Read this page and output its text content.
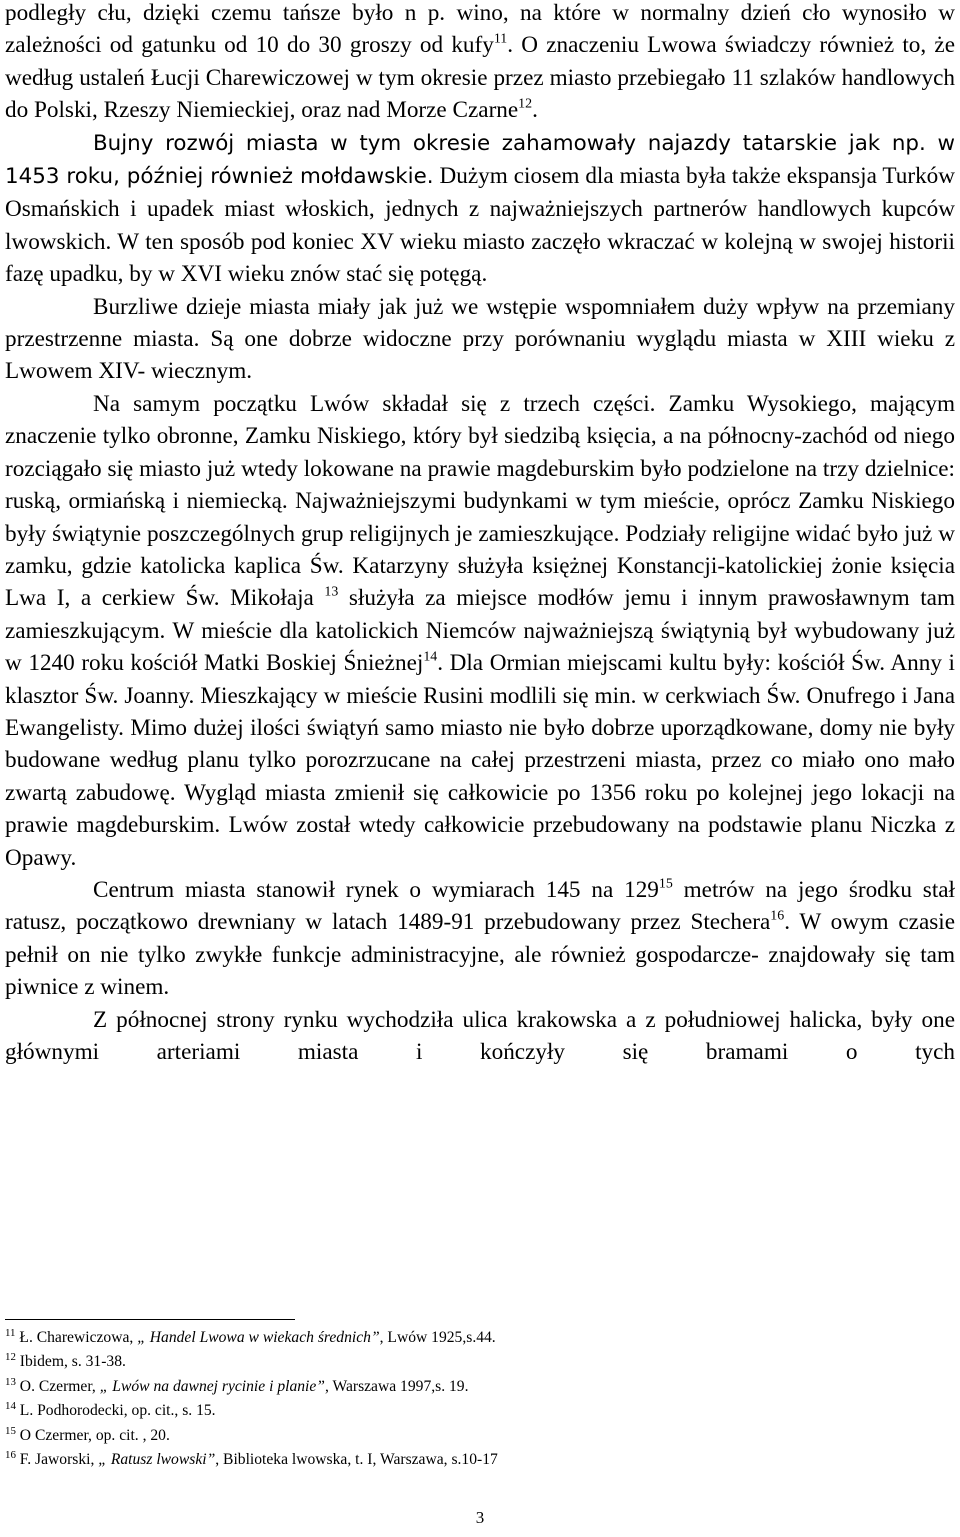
podległy cłu, dzięki czemu tańsze było n p. wino, na które w normalny dzień cło wynosiło w zależności od gatunku od 10 do 30 groszy od kufy$^{11}$. O znaczeniu Lwowa świadczy również to, że według ustaleń Łucji Charewiczowej w tym okresie przez miasto przebiegało 11 szlaków handlowych do Polski, Rzeszy Niemieckiej, oraz nad Morze Czarne$^{12}$.

Bujny rozwój miasta w tym okresie zahamowały najazdy tatarskie jak np. w 1453 roku, później również mołdawskie. Dużym ciosem dla miasta była także ekspansja Turków Osmańskich i upadek miast włoskich, jednych z najważniejszych partnerów handlowych kupców lwowskich. W ten sposób pod koniec XV wieku miasto zaczęło wkraczać w kolejną w swojej historii fazę upadku, by w XVI wieku znów stać się potęgą.

Burzliwe dzieje miasta miały jak już we wstępie wspomniałem duży wpływ na przemiany przestrzenne miasta. Są one dobrze widoczne przy porównaniu wyglądu miasta w XIII wieku z Lwowem XIV- wiecznym.

Na samym początku Lwów składał się z trzech części. Zamku Wysokiego, mającym znaczenie tylko obronne, Zamku Niskiego, który był siedzibą księcia, a na północny-zachód od niego rozciągało się miasto już wtedy lokowane na prawie magdeburskim było podzielone na trzy dzielnice: ruską, ormiańską i niemiecką. Najważniejszymi budynkami w tym mieście, oprócz Zamku Niskiego były świątynie poszczególnych grup religijnych je zamieszkujące. Podziały religijne widać było już w zamku, gdzie katolicka kaplica Św. Katarzyny służyła księżnej Konstancji-katolickiej żonie księcia Lwa I, a cerkiew Św. Mikołaja $^{13}$ służyła za miejsce modłów jemu i innym prawosławnym tam zamieszkującym. W mieście dla katolickich Niemców najważniejszą świątynią był wybudowany już w 1240 roku kościół Matki Boskiej Śnieżnej$^{14}$. Dla Ormian miejscami kultu były: kościół Św. Anny i klasztor Św. Joanny. Mieszkający w mieście Rusini modlili się min. w cerkwiach Św. Onufrego i Jana Ewangelisty. Mimo dużej ilości świątyń samo miasto nie było dobrze uporządkowane, domy nie były budowane według planu tylko porozrzucane na całej przestrzeni miasta, przez co miało ono mało zwartą zabudowę. Wygląd miasta zmienił się całkowicie po 1356 roku po kolejnej jego lokacji na prawie magdeburskim. Lwów został wtedy całkowicie przebudowany na podstawie planu Niczka z Opawy.

Centrum miasta stanowił rynek o wymiarach 145 na $129^{15}$ metrów na jego środku stał ratusz, początkowo drewniany w latach 1489-91 przebudowany przez Stechera$^{16}$. W owym czasie pełnił on nie tylko zwykłe funkcje administracyjne, ale również gospodarcze- znajdowały się tam piwnice z winem.

Z północnej strony rynku wychodziła ulica krakowska a z południowej halicka, były one głównymi arteriami miasta i kończyły się bramami o tych

$^{11}$ Ł. Charewiczowa, „ Handel Lwowa w wiekach średnich”, Lwów 1925,s.44.

$^{12}$ Ibidem, s. 31-38.

$^{13}$ O. Czermer, „ Lwów na dawnej rycinie i planie”, Warszawa 1997,s. 19.

$^{14}$ L. Podhorodecki, op. cit., s. 15.

$^{15}$ O Czermer, op. cit. , 20.

$^{16}$ F. Jaworski, „ Ratusz lwowski”, Biblioteka lwowska, t. I, Warszawa, s.10-17

3
